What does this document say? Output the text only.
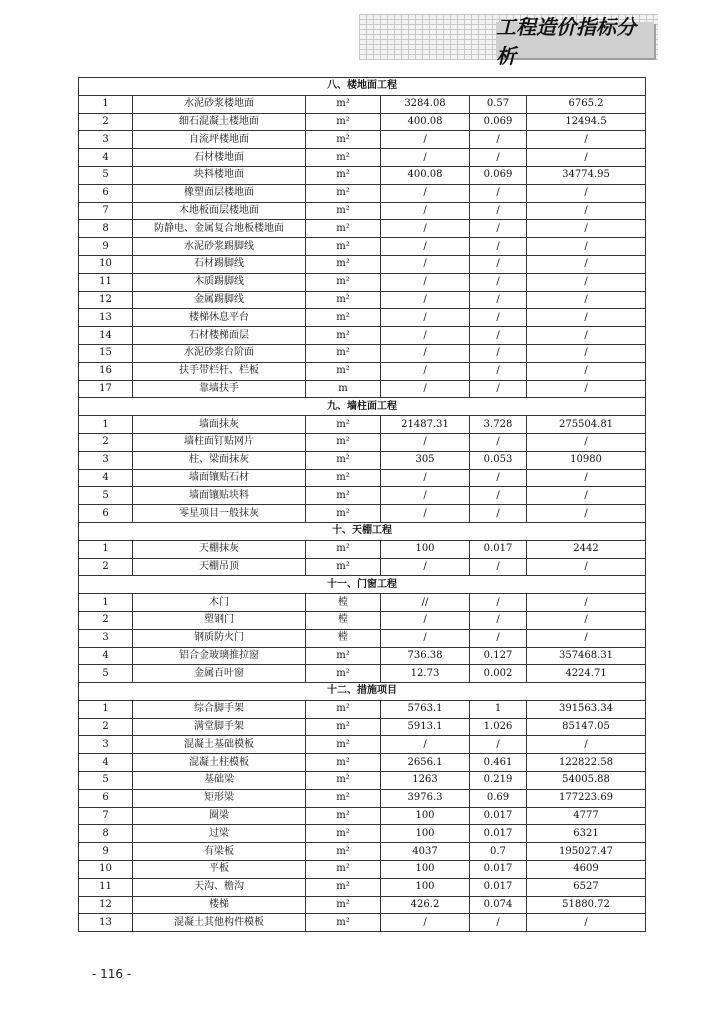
工程造价指标分析
八、楼地面工程					
1	水泥砂浆楼地面	m²	3284.08	0.57	6765.2
2	细石混凝土楼地面	m²	400.08	0.069	12494.5
3	自流坪楼地面	m²	/	/	/
4	石材楼地面	m²	/	/	/
5	块料楼地面	m²	400.08	0.069	34774.95
6	橡塑面层楼地面	m²	/	/	/
7	木地板面层楼地面	m²	/	/	/
8	防静电、金属复合地板楼地面	m²	/	/	/
9	水泥砂浆踢脚线	m²	/	/	/
10	石材踢脚线	m²	/	/	/
11	木质踢脚线	m²	/	/	/
12	金属踢脚线	m²	/	/	/
13	楼梯休息平台	m²	/	/	/
14	石材楼梯面层	m²	/	/	/
15	水泥砂浆台阶面	m²	/	/	/
16	扶手带栏杆、栏板	m²	/	/	/
17	靠墙扶手	m	/	/	/
九、墙柱面工程					
1	墙面抹灰	m²	21487.31	3.728	275504.81
2	墙柱面钉贴网片	m²	/	/	/
3	柱、梁面抹灰	m²	305	0.053	10980
4	墙面镶贴石材	m²	/	/	/
5	墙面镶贴块料	m²	/	/	/
6	零星项目一般抹灰	m²	/	/	/
十、天棚工程					
1	天棚抹灰	m²	100	0.017	2442
2	天棚吊顶	m²	/	/	/
十一、门窗工程					
1	木门	樘	//	/	/
2	塑钢门	樘	/	/	/
3	钢质防火门	樘	/	/	/
4	铝合金玻璃推拉窗	m²	736.38	0.127	357468.31
5	金属百叶窗	m²	12.73	0.002	4224.71
十二、措施项目					
1	综合脚手架	m²	5763.1	1	391563.34
2	满堂脚手架	m²	5913.1	1.026	85147.05
3	混凝土基础模板	m²	/	/	/
4	混凝土柱模板	m²	2656.1	0.461	122822.58
5	基础梁	m²	1263	0.219	54005.88
6	矩形梁	m²	3976.3	0.69	177223.69
7	圈梁	m²	100	0.017	4777
8	过梁	m²	100	0.017	6321
9	有梁板	m²	4037	0.7	195027.47
10	平板	m²	100	0.017	4609
11	天沟、檐沟	m²	100	0.017	6527
12	楼梯	m²	426.2	0.074	51880.72
13	混凝土其他构件模板	m²	/	/	/
- 116 -
